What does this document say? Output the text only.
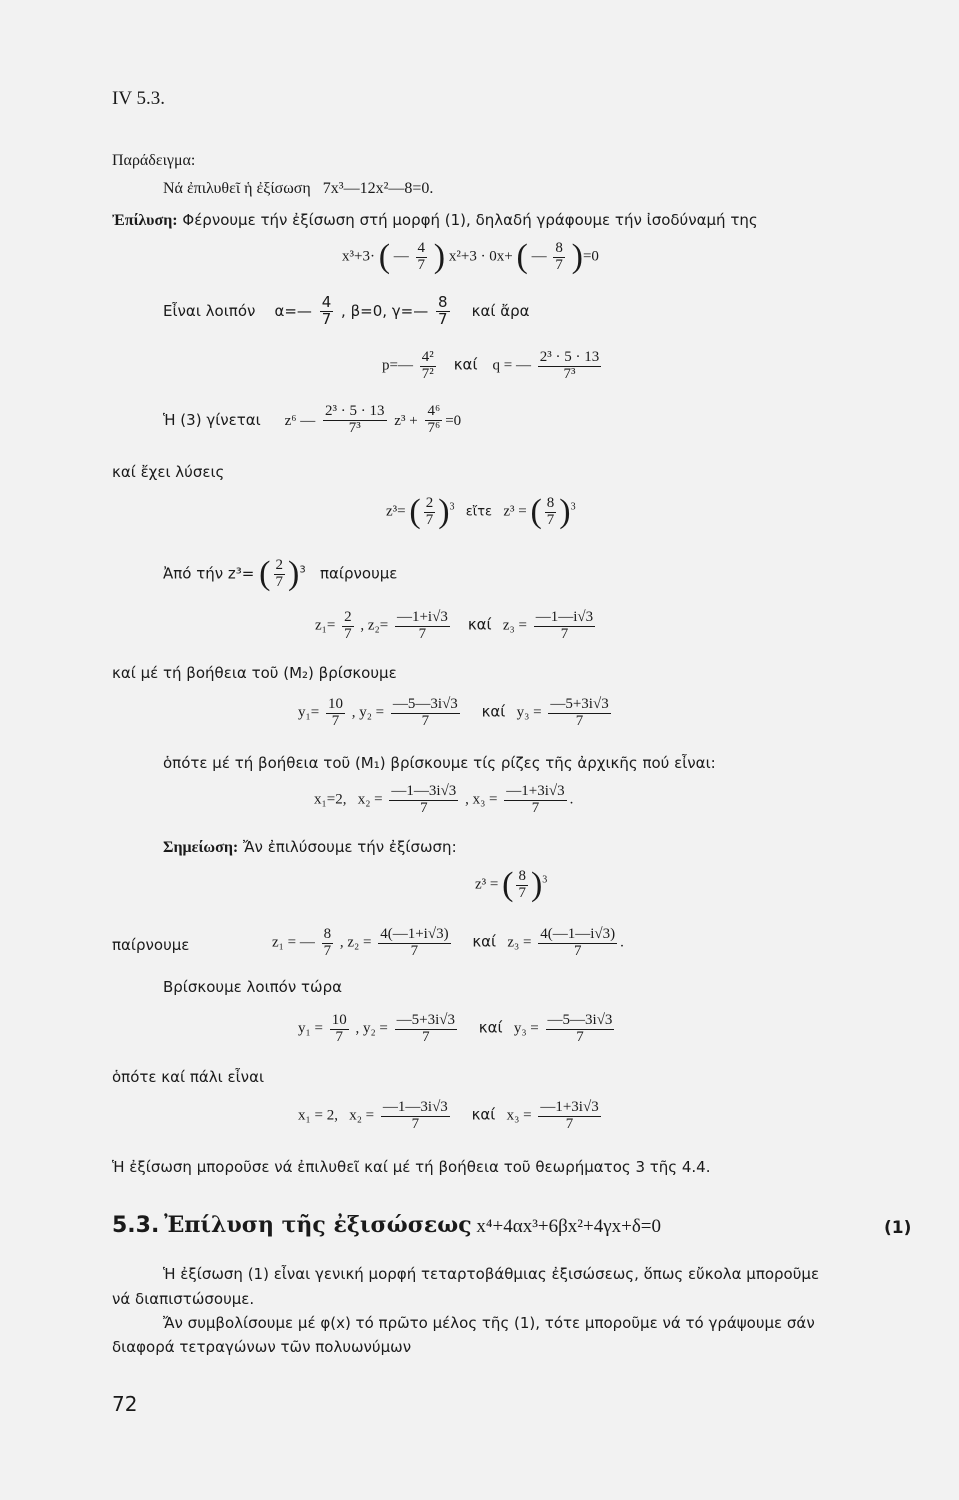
IV 5.3.
Παράδειγμα:
Νά ἐπιλυθεῖ ἡ ἐξίσωση 7x³—12x²—8=0.
Ἐπίλυση: Φέρνουμε τήν ἐξίσωση στή μορφή (1), δηλαδή γράφουμε τήν ἰσοδύναμή της
x³+3· ( — $\frac{4}{7}$ ) x²+3 · 0x+ ( — $\frac{8}{7} )=0$
Εἶναι λοιπόν α=— $\frac{4}{7}$ , β=0, γ=— $\frac{8}{7}$ καί ἄρα
p=— $\frac{\text{4²}}{\text{7²}}$ καί q = — $\frac{\text{2³ · 5 · 13}}{\text{7³}}$
Ἡ (3) γίνεται z⁶ — $\frac{\text{2³ · 5 · 13}}{\text{7³}} z^3 + \frac{\text{4⁶}}{\text{7⁶}} =0$
καί ἔχει λύσεις
z³= ( $\frac{2}{7} )^3$ εἴτε z³ = ( $\frac{8}{7} )^3$
Ἀπό τήν z³= ( $\frac{2}{7} )^3$ παίρνουμε
$z_1= \frac{2}{7}$ , $z_2= \frac{—1+i√3}{7}$ καί $z_3 = \frac{—1—i√3}{7}$
καί μέ τή βοήθεια τοῦ (M₂) βρίσκουμε
$y_1= \frac{10}{7}$ , $y_2 = \frac{—5—3i√3}{7}$ καί $y_3 = \frac{—5+3i√3}{7}$
ὁπότε μέ τή βοήθεια τοῦ (M₁) βρίσκουμε τίς ρίζες τῆς ἀρχικῆς πού εἶναι:
x₁=2, $x_2 = \frac{—1—3i√3}{7}$ , $x_3 = \frac{—1+3i√3}{7}$ .
Σημείωση: Ἄν ἐπιλύσουμε τήν ἐξίσωση:
z³ = ( $\frac{8}{7} )^3$
παίρνουμε	z₁ = — $\frac{8}{7}$ , $z_2 = \frac{4(—1+i√3)}{7}$ καί $z_3 = \frac{4(—1—i√3)}{7}$ .
Βρίσκουμε λοιπόν τώρα
$y_1 = \frac{10}{7}$ , $y_2 = \frac{—5+3i√3}{7}$ καί $y_3 = \frac{—5—3i√3}{7}$
ὁπότε καί πάλι εἶναι
x₁ = 2, $x_2 = \frac{—1—3i√3}{7}$ καί $x_3 = \frac{—1+3i√3}{7}$
Ἡ ἐξίσωση μποροῦσε νά ἐπιλυθεῖ καί μέ τή βοήθεια τοῦ θεωρήματος 3 τῆς 4.4.
5.3. Ἐπίλυση τῆς ἐξισώσεως x⁴+4αx³+6βx²+4γx+δ=0	(1)
Ἡ ἐξίσωση (1) εἶναι γενική μορφή τεταρτοβάθμιας ἐξισώσεως, ὅπως εὔκολα μποροῦμε
νά διαπιστώσουμε.
Ἄν συμβολίσουμε μέ φ(x) τό πρῶτο μέλος τῆς (1), τότε μποροῦμε νά τό γράψουμε σάν
διαφορά τετραγώνων τῶν πολυωνύμων
72
